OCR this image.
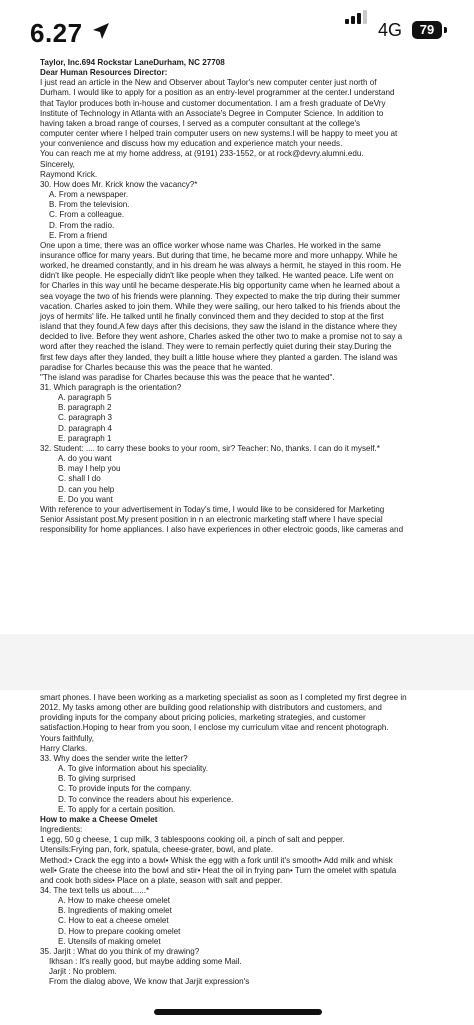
6.27	4G	79
Taylor, Inc.694 Rockstar LaneDurham, NC 27708
Dear Human Resources Director:
I just read an article in the New and Observer about Taylor's new computer center just north of
Durham. I would like to apply for a position as an entry-level programmer at the center.I understand
that Taylor produces both in-house and customer documentation. I am a fresh graduate of DeVry
Institute of Technology in Atlanta with an Associate's Degree in Computer Science. In addition to
having taken a broad range of courses, I served as a computer consultant at the college's
computer center where I helped train computer users on new systems.I will be happy to meet you at
your convenience and discuss how my education and experience match your needs.
You can reach me at my home address, at (9191) 233-1552, or at rock@devry.alumni.edu.
Sincerely,
Raymond Krick.
30. How does Mr. Krick know the vacancy?*
A. From a newspaper.
B. From the television.
C. From a colleague.
D. From the radio.
E. From a friend
One upon a time, there was an office worker whose name was Charles. He worked in the same
insurance office for many years. But during that time, he became more and more unhappy. While he
worked, he dreamed constantly, and in his dream he was always a hermit, he stayed in this room. He
didn't like people. He especially didn't like people when they talked. He wanted peace. Life went on
for Charles in this way until he became desperate.His big opportunity came when he learned about a
sea voyage the two of his friends were planning. They expected to make the trip during their summer
vacation. Charles asked to join them. While they were sailing, our hero talked to his friends about the
joys of hermits' life. He talked until he finally convinced them and they decided to stop at the first
island that they found.A few days after this decisions, they saw the island in the distance where they
decided to live. Before they went ashore, Charles asked the other two to make a promise not to say a
word after they reached the island. They were to remain perfectly quiet during their stay.During the
first few days after they landed, they built a little house where they planted a garden. The island was
paradise for Charles because this was the peace that he wanted.
"The island was paradise for Charles because this was the peace that he wanted".
31. Which paragraph is the orientation?
A. paragraph 5
B. paragraph 2
C. paragraph 3
D. paragraph 4
E. paragraph 1
32. Student: .... to carry these books to your room, sir? Teacher: No, thanks. I can do it myself.*
A. do you want
B. may I help you
C. shall I do
D. can you help
E. Do you want
With reference to your advertisement in Today's time, I would like to be considered for Marketing
Senior Assistant post.My present position in n an electronic marketing staff where I have special
responsibility for home appliances. I also have experiences in other electroic goods, like cameras and
smart phones. I have been working as a marketing specialist as soon as I completed my first degree in
2012. My tasks among other are building good relationship with distributors and customers, and
providing inputs for the company about pricing policies, marketing strategies, and customer
satisfaction.Hoping to hear from you soon, I enclose my curriculum vitae and rencent photograph.
Yours faithfully,
Harry Clarks.
33. Why does the sender write the letter?
A. To give information about his speciality.
B. To giving surprised
C. To provide inputs for the company.
D. To convince the readers about his experience.
E. To apply for a certain position.
How to make a Cheese Omelet
Ingredients:
1 egg, 50 g cheese, 1 cup milk, 3 tablespoons cooking oil, a pinch of salt and pepper.
Utensils:Frying pan, fork, spatula, cheese-grater, bowl, and plate.
Method:• Crack the egg into a bowl• Whisk the egg with a fork until it's smooth• Add milk and whisk
well• Grate the cheese into the bowl and stir• Heat the oil in frying pan• Turn the omelet with spatula
and cook both sides• Place on a plate, season with salt and pepper.
34. The text tells us about......*
A. How to make cheese omelet
B. Ingredients of making omelet
C. How to eat a cheese omelet
D. How to prepare cooking omelet
E. Utensils of making omelet
35. Jarjit : What do you think of my drawing?
Ikhsan : It's really good, but maybe adding some Mail.
Jarjit : No problem.
From the dialog above, We know that Jarjit expression's
